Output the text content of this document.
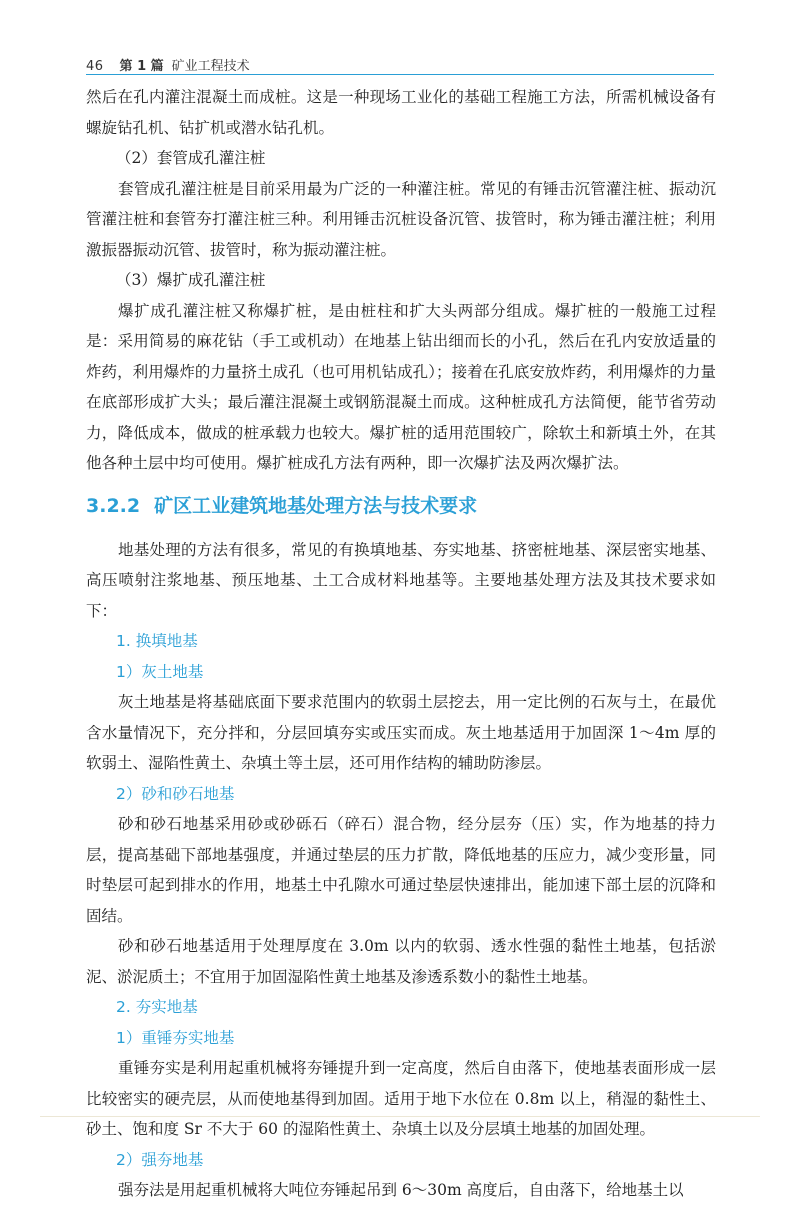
46 第 1 篇 矿业工程技术

然后在孔内灌注混凝土而成桩。这是一种现场工业化的基础工程施工方法，所需机械设备有螺旋钻孔机、钻扩机或潜水钻孔机。

（2）套管成孔灌注桩

套管成孔灌注桩是目前采用最为广泛的一种灌注桩。常见的有锤击沉管灌注桩、振动沉管灌注桩和套管夯打灌注桩三种。利用锤击沉桩设备沉管、拔管时，称为锤击灌注桩；利用激振器振动沉管、拔管时，称为振动灌注桩。

（3）爆扩成孔灌注桩

爆扩成孔灌注桩又称爆扩桩，是由桩柱和扩大头两部分组成。爆扩桩的一般施工过程是：采用简易的麻花钻（手工或机动）在地基上钻出细而长的小孔，然后在孔内安放适量的炸药，利用爆炸的力量挤土成孔（也可用机钻成孔）；接着在孔底安放炸药，利用爆炸的力量在底部形成扩大头；最后灌注混凝土或钢筋混凝土而成。这种桩成孔方法简便，能节省劳动力，降低成本，做成的桩承载力也较大。爆扩桩的适用范围较广，除软土和新填土外，在其他各种土层中均可使用。爆扩桩成孔方法有两种，即一次爆扩法及两次爆扩法。

3.2.2 矿区工业建筑地基处理方法与技术要求

地基处理的方法有很多，常见的有换填地基、夯实地基、挤密桩地基、深层密实地基、高压喷射注浆地基、预压地基、土工合成材料地基等。主要地基处理方法及其技术要求如下：

1. 换填地基

1）灰土地基

灰土地基是将基础底面下要求范围内的软弱土层挖去，用一定比例的石灰与土，在最优含水量情况下，充分拌和，分层回填夯实或压实而成。灰土地基适用于加固深 1～4m 厚的软弱土、湿陷性黄土、杂填土等土层，还可用作结构的辅助防渗层。

2）砂和砂石地基

砂和砂石地基采用砂或砂砾石（碎石）混合物，经分层夯（压）实，作为地基的持力层，提高基础下部地基强度，并通过垫层的压力扩散，降低地基的压应力，减少变形量，同时垫层可起到排水的作用，地基土中孔隙水可通过垫层快速排出，能加速下部土层的沉降和固结。

砂和砂石地基适用于处理厚度在 3.0m 以内的软弱、透水性强的黏性土地基，包括淤泥、淤泥质土；不宜用于加固湿陷性黄土地基及渗透系数小的黏性土地基。

2. 夯实地基

1）重锤夯实地基

重锤夯实是利用起重机械将夯锤提升到一定高度，然后自由落下，使地基表面形成一层比较密实的硬壳层，从而使地基得到加固。适用于地下水位在 0.8m 以上，稍湿的黏性土、砂土、饱和度 Sr 不大于 60 的湿陷性黄土、杂填土以及分层填土地基的加固处理。

2）强夯地基

强夯法是用起重机械将大吨位夯锤起吊到 6～30m 高度后，自由落下，给地基土以
